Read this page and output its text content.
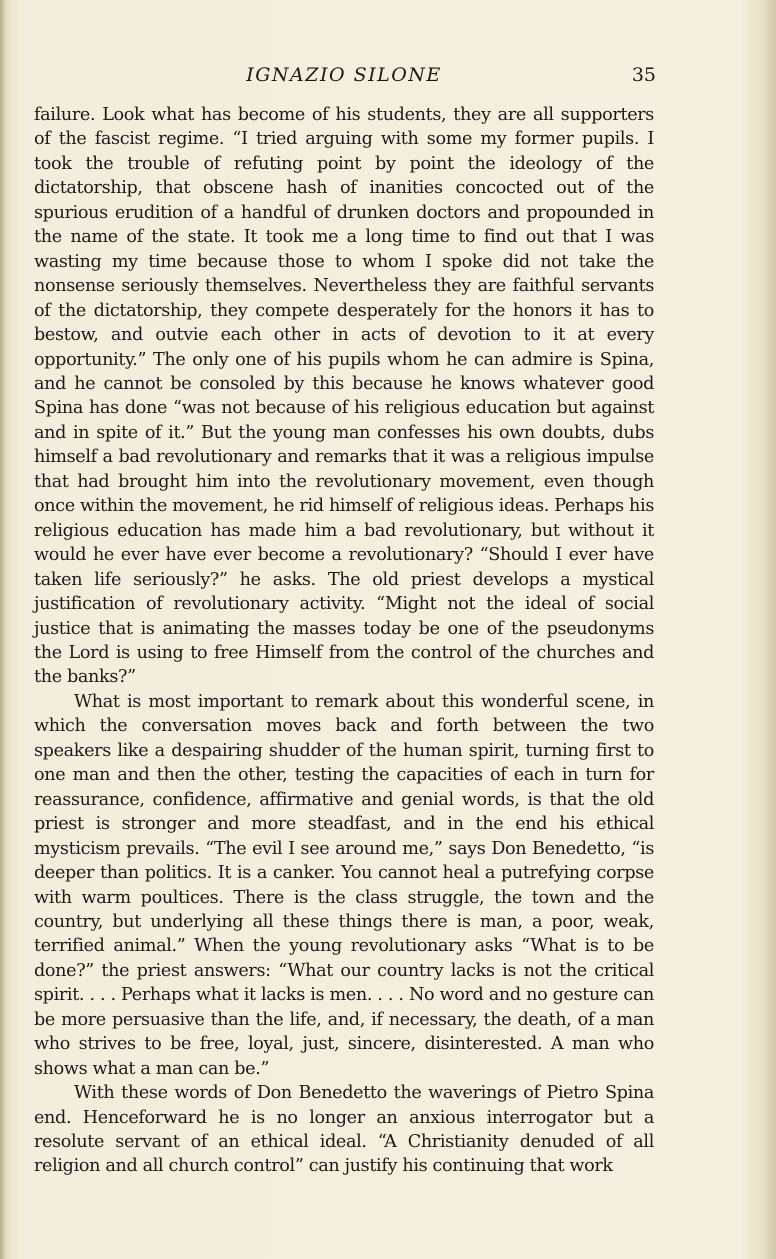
IGNAZIO SILONE	35

failure. Look what has become of his students, they are all supporters of the fascist regime. “I tried arguing with some my former pupils. I took the trouble of refuting point by point the ideology of the dictatorship, that obscene hash of inanities concocted out of the spurious erudition of a handful of drunken doctors and propounded in the name of the state. It took me a long time to find out that I was wasting my time because those to whom I spoke did not take the nonsense seriously themselves. Nevertheless they are faithful servants of the dictatorship, they compete desperately for the honors it has to bestow, and outvie each other in acts of devotion to it at every opportunity.” The only one of his pupils whom he can admire is Spina, and he cannot be consoled by this because he knows whatever good Spina has done “was not because of his religious education but against and in spite of it.” But the young man confesses his own doubts, dubs himself a bad revolutionary and remarks that it was a religious impulse that had brought him into the revolutionary movement, even though once within the movement, he rid himself of religious ideas. Perhaps his religious education has made him a bad revolutionary, but without it would he ever have ever become a revolutionary? “Should I ever have taken life seriously?” he asks. The old priest develops a mystical justification of revolutionary activity. “Might not the ideal of social justice that is animating the masses today be one of the pseudonyms the Lord is using to free Himself from the control of the churches and the banks?”

What is most important to remark about this wonderful scene, in which the conversation moves back and forth between the two speakers like a despairing shudder of the human spirit, turning first to one man and then the other, testing the capacities of each in turn for reassurance, confidence, affirmative and genial words, is that the old priest is stronger and more steadfast, and in the end his ethical mysticism prevails. “The evil I see around me,” says Don Benedetto, “is deeper than politics. It is a canker. You cannot heal a putrefying corpse with warm poultices. There is the class struggle, the town and the country, but underlying all these things there is man, a poor, weak, terrified animal.” When the young revolutionary asks “What is to be done?” the priest answers: “What our country lacks is not the critical spirit. . . . Perhaps what it lacks is men. . . . No word and no gesture can be more persuasive than the life, and, if necessary, the death, of a man who strives to be free, loyal, just, sincere, disinterested. A man who shows what a man can be.”

With these words of Don Benedetto the waverings of Pietro Spina end. Henceforward he is no longer an anxious interrogator but a resolute servant of an ethical ideal. “A Christianity denuded of all religion and all church control” can justify his continuing that work
